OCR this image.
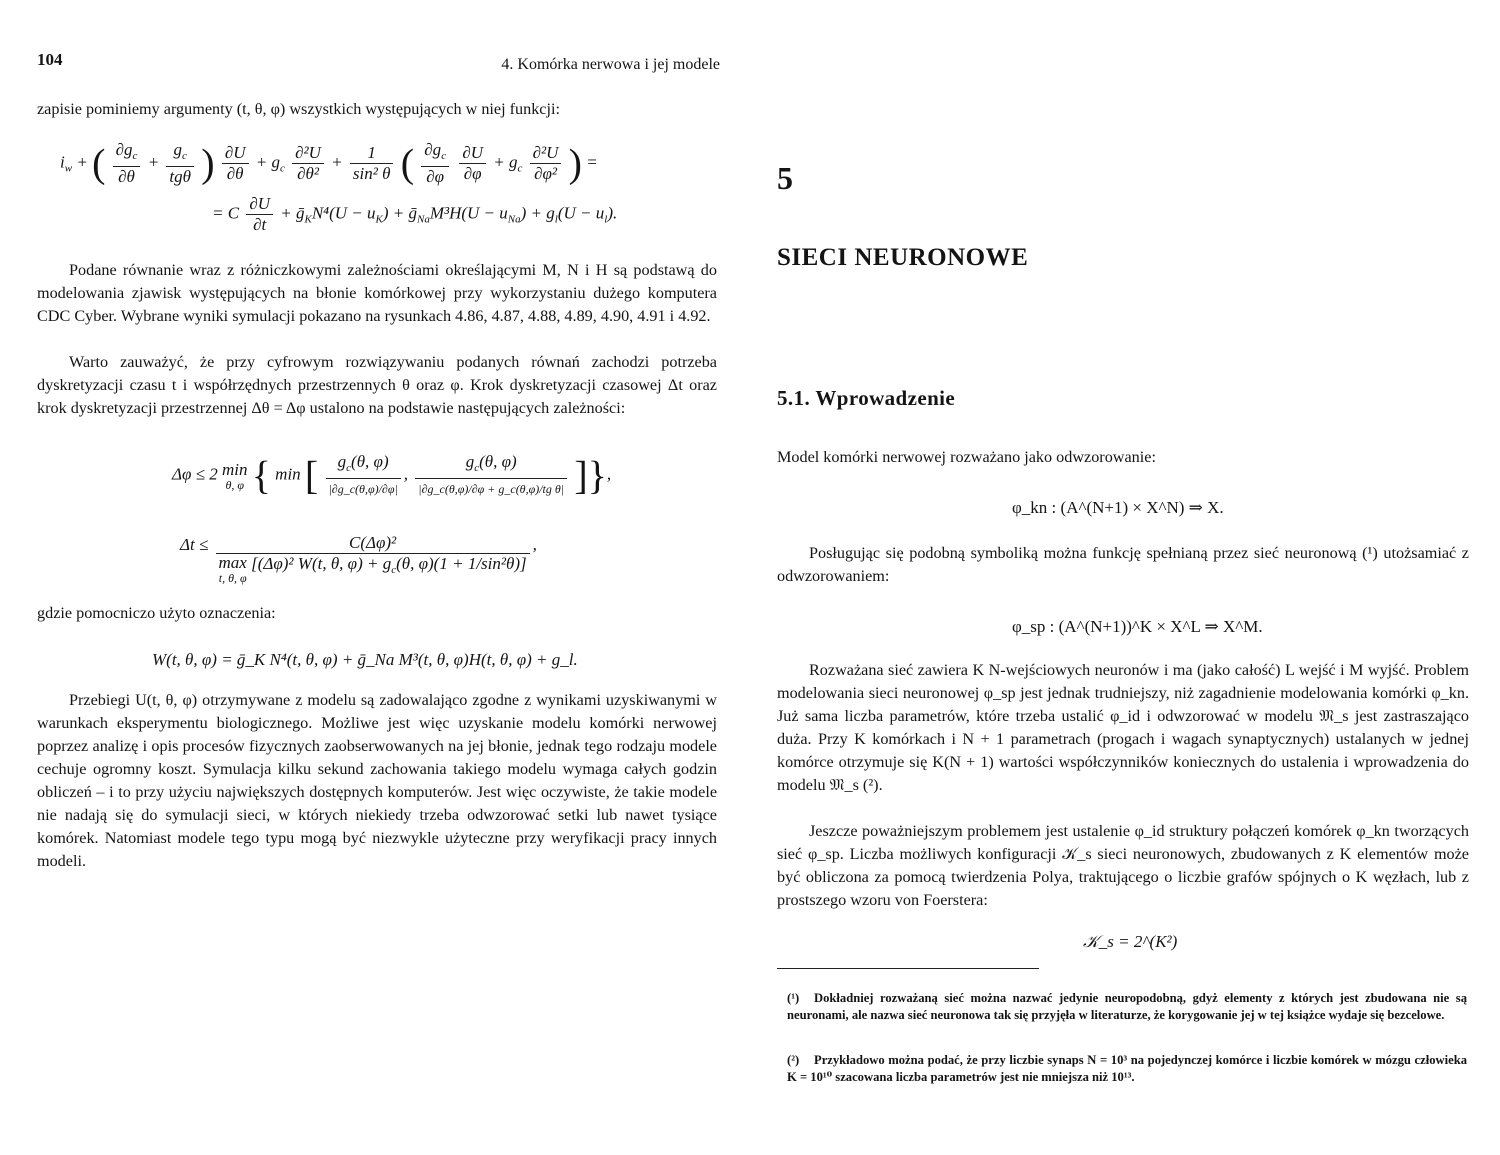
104	4. Komórka nerwowa i jej modele
zapisie pominiemy argumenty (t, θ, φ) wszystkich występujących w niej funkcji:
$i_w$ + ( $\frac{\partial g_c}{\partial\theta} + \frac{g_c}{\text{tgθ}}$ ) $\frac{\partial U}{\partial\theta} + g_c \frac{\text{∂²U}}{\text{∂θ²}} + \frac{1}{\text{sin² θ}}$ ( $\frac{\partial g_c}{\partial\varphi}$
$\frac{\partial U}{\partial\varphi} + g_c \frac{\text{∂²U}}{\text{∂φ²}}$ ) =
= C $\frac{\partial U}{\partial t}$ + ḡ$_K$N⁴(U − $u_K$) + ḡ$_{Na}$M³H(U − $u_{Na}) + g_l(U - u_l)$.
Podane równanie wraz z różniczkowymi zależnościami określającymi M, N i H są podstawą do modelowania zjawisk występujących na błonie komórkowej przy wykorzystaniu dużego komputera CDC Cyber. Wybrane wyniki symulacji pokazano na rysunkach 4.86, 4.87, 4.88, 4.89, 4.90, 4.91 i 4.92.
Warto zauważyć, że przy cyfrowym rozwiązywaniu podanych równań zachodzi potrzeba dyskretyzacji czasu t i współrzędnych przestrzennych θ oraz φ. Krok dyskretyzacji czasowej Δt oraz krok dyskretyzacji przestrzennej Δθ = Δφ ustalono na podstawie następujących zależności:
Δφ ≤ 2 min
θ, φ { min [ $\frac{g_c(\theta, \varphi)}{|\partial g\_c(\theta,\varphi)/\partial\varphi|}$ , $\frac{g_c(\theta, \varphi)}{\text{|∂g\_c(θ,φ)/∂φ + g\_c(θ,φ)/tg θ|}}$ ]},
Δt ≤ C(Δφ)²
max
t, θ, φ
[(Δφ)² W(t, θ, $\varphi) + g_c(\theta$, φ)(1 + 1/sin²θ)] ,
gdzie pomocniczo użyto oznaczenia:
W(t, θ, φ) = ḡ_K N⁴(t, θ, φ) + ḡ_Na M³(t, θ, φ)H(t, θ, φ) + g_l.
Przebiegi U(t, θ, φ) otrzymywane z modelu są zadowalająco zgodne z wynikami uzyskiwanymi w warunkach eksperymentu biologicznego. Możliwe jest więc uzyskanie modelu komórki nerwowej poprzez analizę i opis procesów fizycznych zaobserwowanych na jej błonie, jednak tego rodzaju modele cechuje ogromny koszt. Symulacja kilku sekund zachowania takiego modelu wymaga całych godzin obliczeń – i to przy użyciu największych dostępnych komputerów. Jest więc oczywiste, że takie modele nie nadają się do symulacji sieci, w których niekiedy trzeba odwzorować setki lub nawet tysiące komórek. Natomiast modele tego typu mogą być niezwykle użyteczne przy weryfikacji pracy innych modeli.
5
SIECI NEURONOWE
5.1. Wprowadzenie
Model komórki nerwowej rozważano jako odwzorowanie:
φ_kn : (A^(N+1) × X^N) ⇒ X.
Posługując się podobną symboliką można funkcję spełnianą przez sieć neuronową (¹) utożsamiać z odwzorowaniem:
φ_sp : (A^(N+1))^K × X^L ⇒ X^M.
Rozważana sieć zawiera K N-wejściowych neuronów i ma (jako całość) L wejść i M wyjść. Problem modelowania sieci neuronowej φ_sp jest jednak trudniejszy, niż zagadnienie modelowania komórki φ_kn. Już sama liczba parametrów, które trzeba ustalić φ_id i odwzorować w modelu 𝔐_s jest zastraszająco duża. Przy K komórkach i N + 1 parametrach (progach i wagach synaptycznych) ustalanych w jednej komórce otrzymuje się K(N + 1) wartości współczynników koniecznych do ustalenia i wprowadzenia do modelu 𝔐_s (²).
Jeszcze poważniejszym problemem jest ustalenie φ_id struktury połączeń komórek φ_kn tworzących sieć φ_sp. Liczba możliwych konfiguracji 𝒦_s sieci neuronowych, zbudowanych z K elementów może być obliczona za pomocą twierdzenia Polya, traktującego o liczbie grafów spójnych o K węzłach, lub z prostszego wzoru von Foerstera:
𝒦_s = 2^(K²)
(¹) Dokładniej rozważaną sieć można nazwać jedynie neuropodobną, gdyż elementy z których jest zbudowana nie są neuronami, ale nazwa sieć neuronowa tak się przyjęła w literaturze, że korygowanie jej w tej książce wydaje się bezcelowe.
(²) Przykładowo można podać, że przy liczbie synaps N = 10³ na pojedynczej komórce i liczbie komórek w mózgu człowieka K = 10¹⁰ szacowana liczba parametrów jest nie mniejsza niż 10¹³.
